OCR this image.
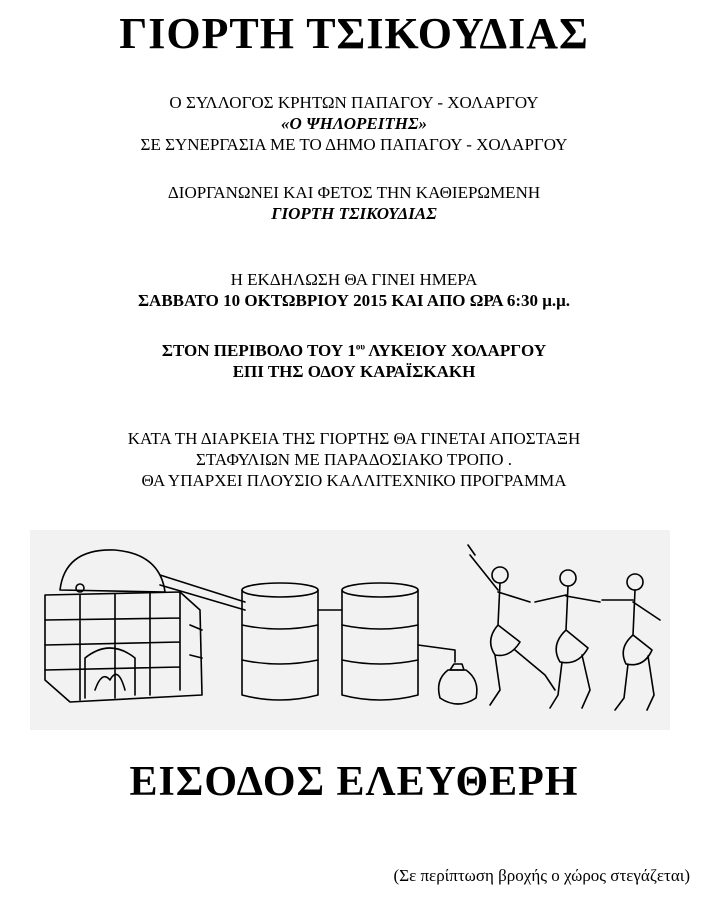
ΓΙΟΡΤΗ ΤΣΙΚΟΥΔΙΑΣ
Ο ΣΥΛΛΟΓΟΣ ΚΡΗΤΩΝ ΠΑΠΑΓΟΥ - ΧΟΛΑΡΓΟΥ
«Ο ΨΗΛΟΡΕΙΤΗΣ»
ΣΕ ΣΥΝΕΡΓΑΣΙΑ ΜΕ ΤΟ ΔΗΜΟ ΠΑΠΑΓΟΥ - ΧΟΛΑΡΓΟΥ
ΔΙΟΡΓΑΝΩΝΕΙ ΚΑΙ ΦΕΤΟΣ ΤΗΝ ΚΑΘΙΕΡΩΜΕΝΗ
ΓΙΟΡΤΗ ΤΣΙΚΟΥΔΙΑΣ
Η ΕΚΔΗΛΩΣΗ ΘΑ ΓΙΝΕΙ ΗΜΕΡΑ
ΣΑΒΒΑΤΟ 10 ΟΚΤΩΒΡΙΟΥ 2015 ΚΑΙ ΑΠΟ ΩΡΑ 6:30 μ.μ.
ΣΤΟΝ ΠΕΡΙΒΟΛΟ ΤΟΥ $1^{o\upsilon}$ ΛΥΚΕΙΟΥ ΧΟΛΑΡΓΟΥ
ΕΠΙ ΤΗΣ ΟΔΟΥ ΚΑΡΑΪΣΚΑΚΗ
ΚΑΤΑ ΤΗ ΔΙΑΡΚΕΙΑ ΤΗΣ ΓΙΟΡΤΗΣ ΘΑ ΓΙΝΕΤΑΙ ΑΠΟΣΤΑΞΗ
ΣΤΑΦΥΛΙΩΝ ΜΕ ΠΑΡΑΔΟΣΙΑΚΟ ΤΡΟΠΟ .
ΘΑ ΥΠΑΡΧΕΙ ΠΛΟΥΣΙΟ ΚΑΛΛΙΤΕΧΝΙΚΟ ΠΡΟΓΡΑΜΜΑ
ΕΙΣΟΔΟΣ ΕΛΕΥΘΕΡΗ
(Σε περίπτωση βροχής ο χώρος στεγάζεται)
